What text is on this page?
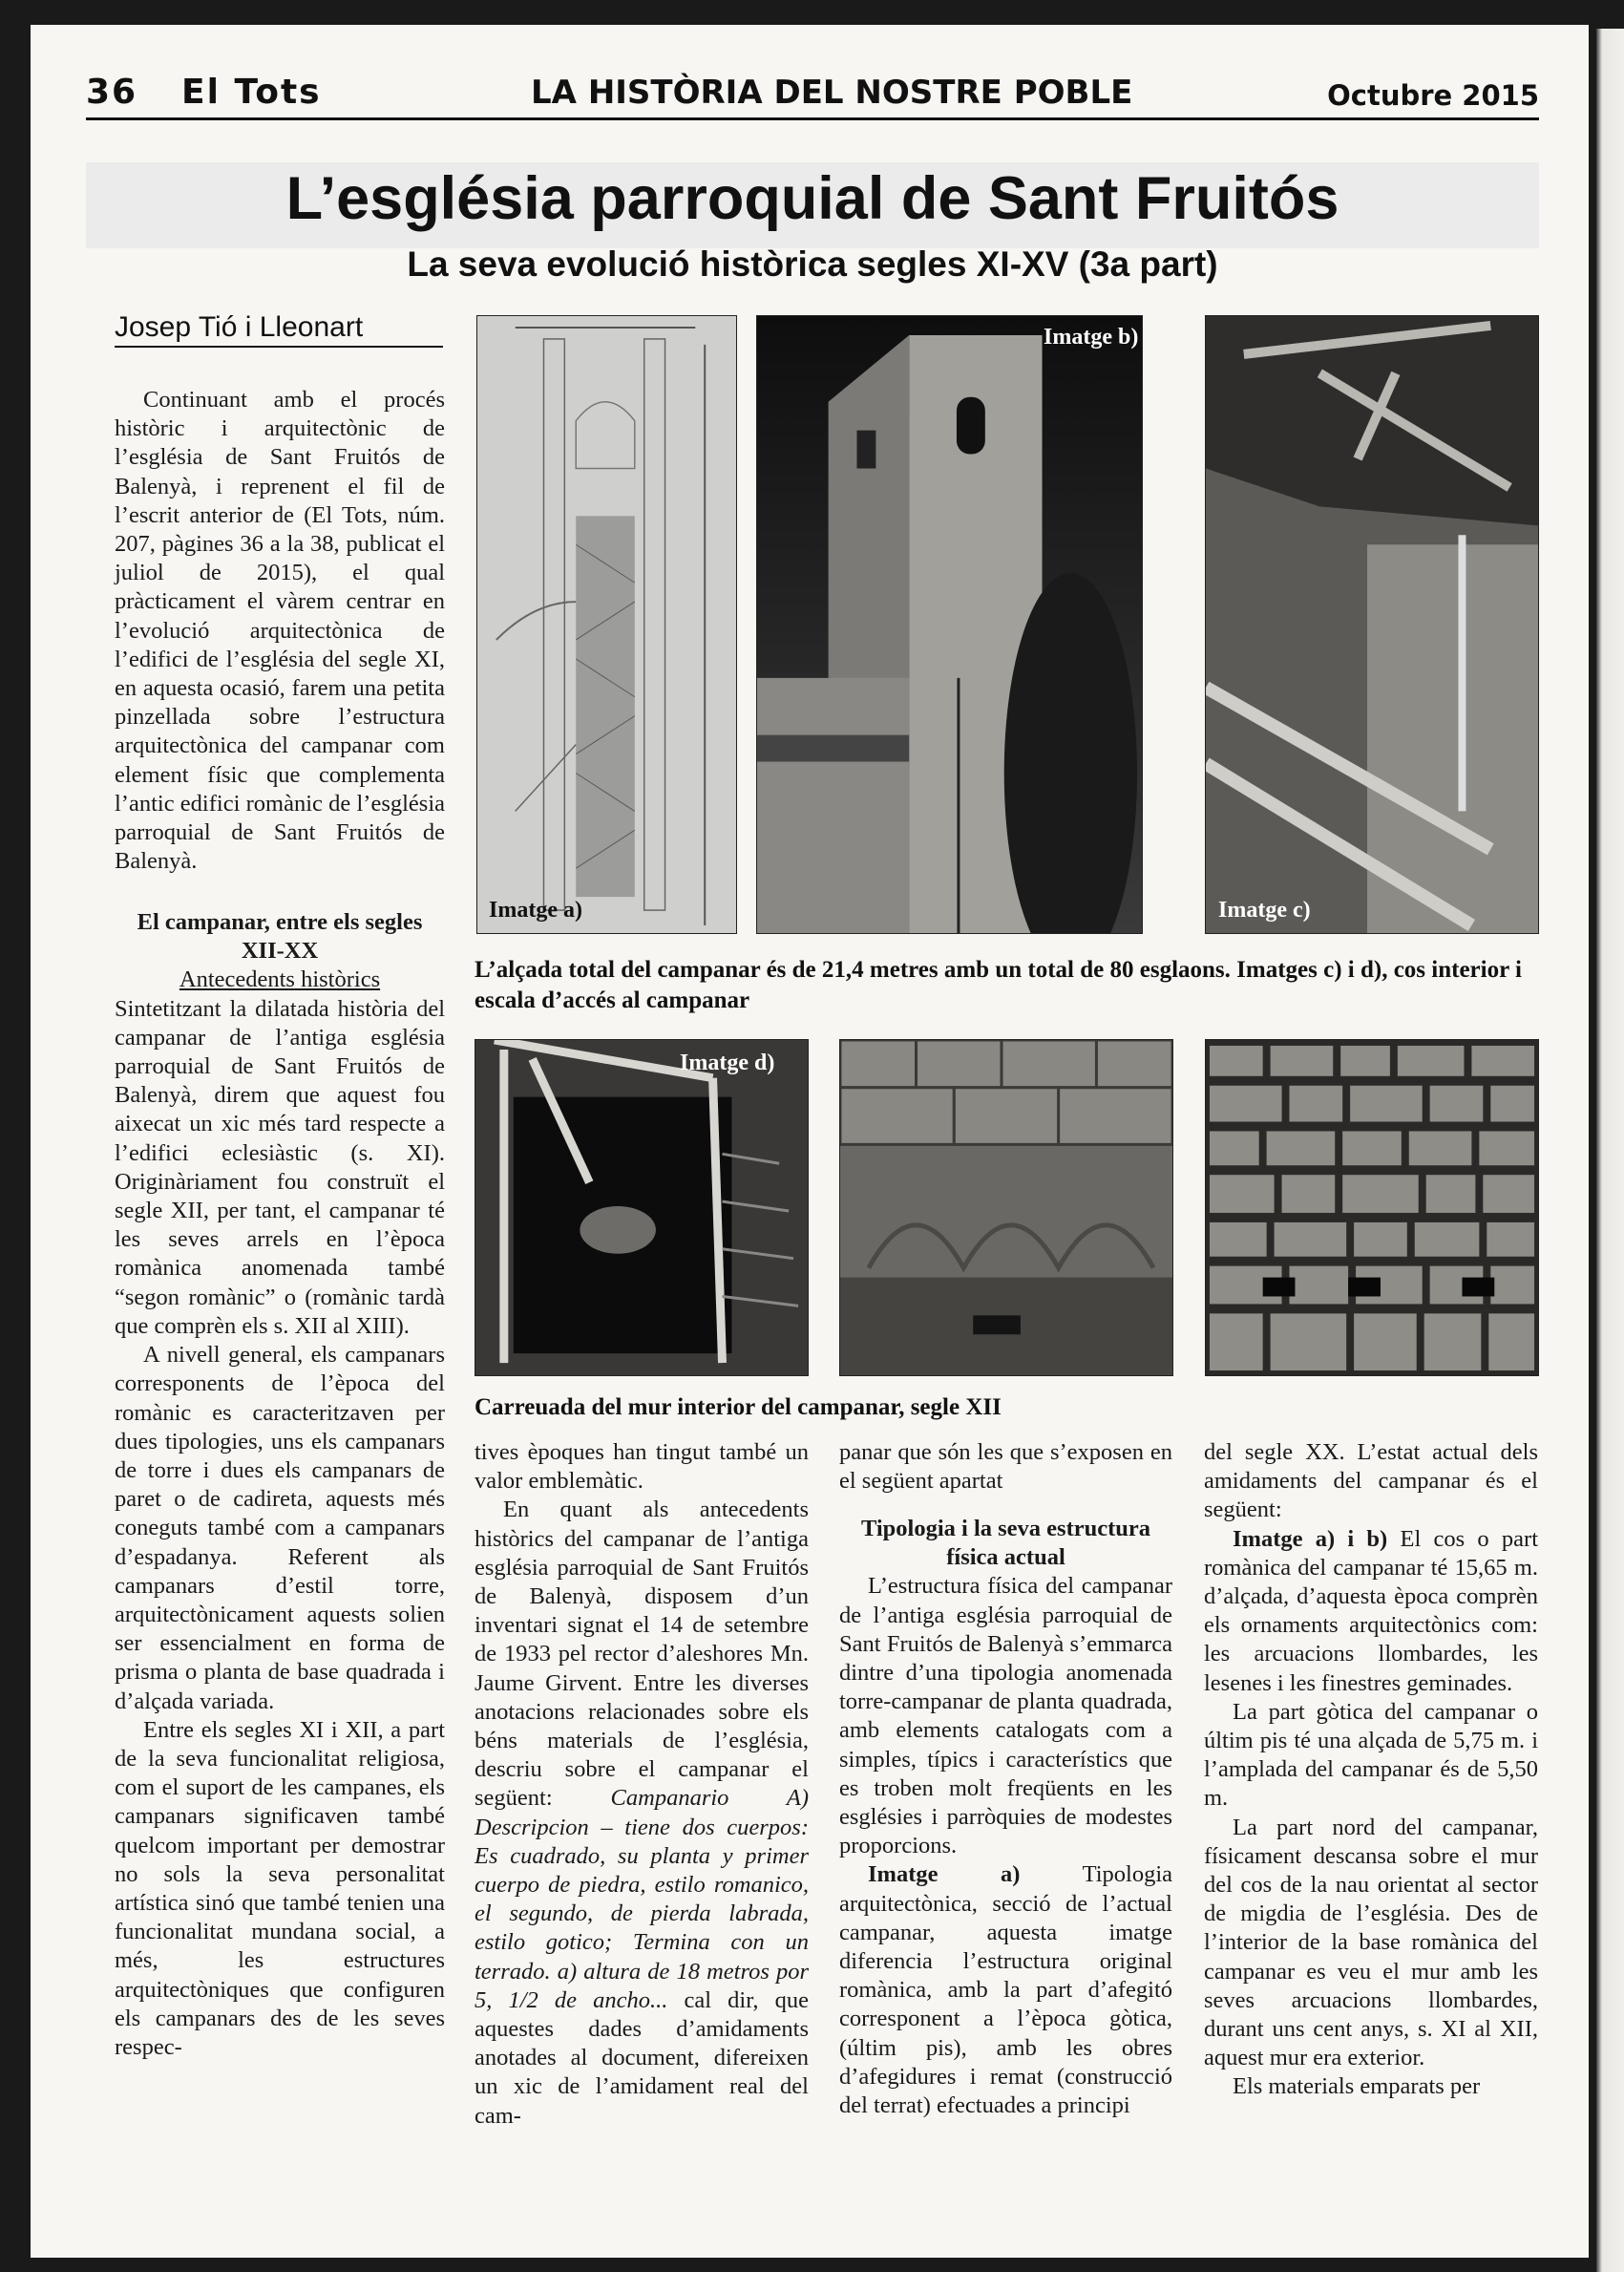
36 El Tots	LA HISTÒRIA DEL NOSTRE POBLE	Octubre 2015
L’església parroquial de Sant Fruitós
La seva evolució històrica segles XI-XV (3a part)
Josep Tió i Lleonart

Continuant amb el procés històric i arquitectònic de l’església de Sant Fruitós de Balenyà, i reprenent el fil de l’escrit anterior de (El Tots, núm. 207, pàgines 36 a la 38, publicat el juliol de 2015), el qual pràcticament el vàrem centrar en l’evolució arquitectònica de l’edifici de l’església del segle XI, en aquesta ocasió, farem una petita pinzellada sobre l’estructura arquitectònica del campanar com element físic que complementa l’antic edifici romànic de l’església parroquial de Sant Fruitós de Balenyà.

El campanar, entre els segles XII-XX

Antecedents històrics

Sintetitzant la dilatada història del campanar de l’antiga església parroquial de Sant Fruitós de Balenyà, direm que aquest fou aixecat un xic més tard respecte a l’edifici eclesiàstic (s. XI). Originàriament fou construït el segle XII, per tant, el campanar té les seves arrels en l’època romànica anomenada també “segon romànic” o (romànic tardà que comprèn els s. XII al XIII).

A nivell general, els campanars corresponents de l’època del romànic es caracteritzaven per dues tipologies, uns els campanars de torre i dues els campanars de paret o de cadireta, aquests més coneguts també com a campanars d’espadanya. Referent als campanars d’estil torre, arquitectònicament aquests solien ser essencialment en forma de prisma o planta de base quadrada i d’alçada variada.

Entre els segles XI i XII, a part de la seva funcionalitat religiosa, com el suport de les campanes, els campanars significaven també quelcom important per demostrar no sols la seva personalitat artística sinó que també tenien una funcionalitat mundana social, a més, les estructures arquitectòniques que configuren els campanars des de les seves respec-

tives èpoques han tingut també un valor emblemàtic.

En quant als antecedents històrics del campanar de l’antiga església parroquial de Sant Fruitós de Balenyà, disposem d’un inventari signat el 14 de setembre de 1933 pel rector d’aleshores Mn. Jaume Girvent. Entre les diverses anotacions relacionades sobre els béns materials de l’església, descriu sobre el campanar el següent: Campanario A) Descripcion – tiene dos cuerpos: Es cuadrado, su planta y primer cuerpo de piedra, estilo romanico, el segundo, de pierda labrada, estilo gotico; Termina con un terrado. a) altura de 18 metros por 5, 1/2 de ancho... cal dir, que aquestes dades d’amidaments anotades al document, difereixen un xic de l’amidament real del cam-

panar que són les que s’exposen en el següent apartat

Tipologia i la seva estructura física actual

L’estructura física del campanar de l’antiga església parroquial de Sant Fruitós de Balenyà s’emmarca dintre d’una tipologia anomenada torre-campanar de planta quadrada, amb elements catalogats com a simples, típics i característics que es troben molt freqüents en les esglésies i parròquies de modestes proporcions.

Imatge a) Tipologia arquitectònica, secció de l’actual campanar, aquesta imatge diferencia l’estructura original romànica, amb la part d’afegitó corresponent a l’època gòtica, (últim pis), amb les obres d’afegidures i remat (construcció del terrat) efectuades a principi

del segle XX. L’estat actual dels amidaments del campanar és el següent:

Imatge a) i b) El cos o part romànica del campanar té 15,65 m. d’alçada, d’aquesta època comprèn els ornaments arquitectònics com: les arcuacions llombardes, les lesenes i les finestres geminades.

La part gòtica del campanar o últim pis té una alçada de 5,75 m. i l’amplada del campanar és de 5,50 m.

La part nord del campanar, físicament descansa sobre el mur del cos de la nau orientat al sector de migdia de l’església. Des de l’interior de la base romànica del campanar es veu el mur amb les seves arcuacions llombardes, durant uns cent anys, s. XI al XII, aquest mur era exterior.

Els materials emparats per

Imatge a)
Imatge b)
Imatge c)
L’alçada total del campanar és de 21,4 metres amb un total de 80 esglaons. Imatges c) i d), cos interior i escala d’accés al campanar
Imatge d)
Carreuada del mur interior del campanar, segle XII
